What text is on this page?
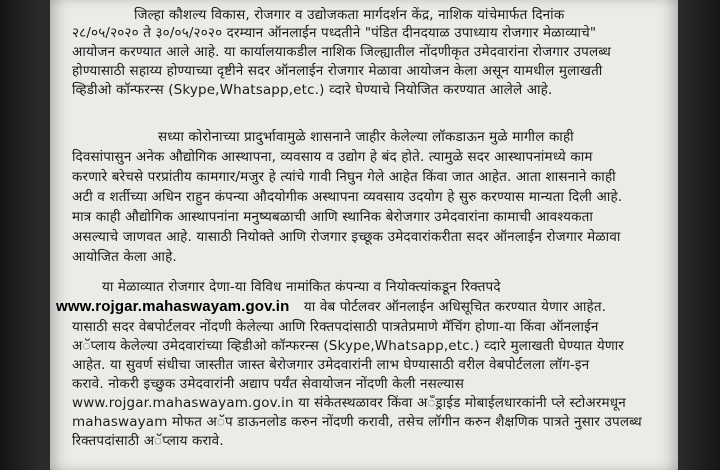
जिल्हा कौशल्य विकास, रोजगार व उद्योजकता मार्गदर्शन केंद्र, नाशिक यांचेमार्फत दिनांक
२८/०५/२०२० ते ३०/०५/२०२० दरम्यान ऑनलाईन पध्दतीने "पंडित दीनदयाळ उपाध्याय रोजगार मेळाव्याचे"
आयोजन करण्यात आले आहे. या कार्यालयाकडील नाशिक जिल्ह्यातील नोंदणीकृत उमेदवारांना रोजगार उपलब्ध
होण्यासाठी सहाय्य होण्याच्या दृष्टीने सदर ऑनलाईन रोजगार मेळावा आयोजन केला असून यामधील मुलाखती
व्हिडीओ कॉन्फरन्स (Skype,Whatsapp,etc.) व्दारे घेण्याचे नियोजित करण्यात आलेले आहे.
सध्या कोरोनाच्या प्रादुर्भावामुळे शासनाने जाहीर केलेल्या लॉकडाऊन मुळे मागील काही
दिवसांपासुन अनेक औद्योगिक आस्थापना, व्यवसाय व उद्योग हे बंद होते. त्यामुळे सदर आस्थापनांमध्ये काम
करणारे बरेचसे परप्रांतीय कामगार/मजुर हे त्यांचे गावी निघुन गेले आहेत किंवा जात आहेत. आता शासनाने काही
अटी व शर्तीच्या अधिन राहुन कंपन्या औदयोगीक अस्थापना व्यवसाय उदयोग हे सुरु करण्यास मान्यता दिली आहे.
मात्र काही औद्योगिक आस्थापनांना मनुष्यबळाची आणि स्थानिक बेरोजगार उमेदवारांना कामाची आवश्यकता
असल्याचे जाणवत आहे. यासाठी नियोक्ते आणि रोजगार इच्छूक उमेदवारांकरीता सदर ऑनलाईन रोजगार मेळावा
आयोजित केला आहे.
या मेळाव्यात रोजगार देणा-या विविध नामांकित कंपन्या व नियोक्त्यांकडून रिक्तपदे
www.rojgar.mahaswayam.gov.in या वेब पोर्टलवर ऑनलाईन अधिसूचित करण्यात येणार आहेत.
यासाठी सदर वेबपोर्टलवर नोंदणी केलेल्या आणि रिक्तपदांसाठी पात्रतेप्रमाणे मॅचिंग होणा-या किंवा ऑनलाईन
अॅप्लाय केलेल्या उमेदवारांच्या व्हिडीओ कॉन्फरन्स (Skype,Whatsapp,etc.) व्दारे मुलाखती घेण्यात येणार
आहेत. या सुवर्ण संधीचा जास्तीत जास्त बेरोजगार उमेदवारांनी लाभ घेण्यासाठी वरील वेबपोर्टलला लॉग-इन
करावे. नोकरी इच्छुक उमेदवारांनी अद्याप पर्यंत सेवायोजन नोंदणी केली नसल्यास
www.rojgar.mahaswayam.gov.in या संकेतस्थळावर किंवा अॅंड्राईड मोबाईलधारकांनी प्ले स्टोअरमधून
mahaswayam मोफत अॅप डाऊनलोड करुन नोंदणी करावी, तसेच लॉगीन करुन शैक्षणिक पात्रते नुसार उपलब्ध
रिक्तपदांसाठी अॅप्लाय करावे.
